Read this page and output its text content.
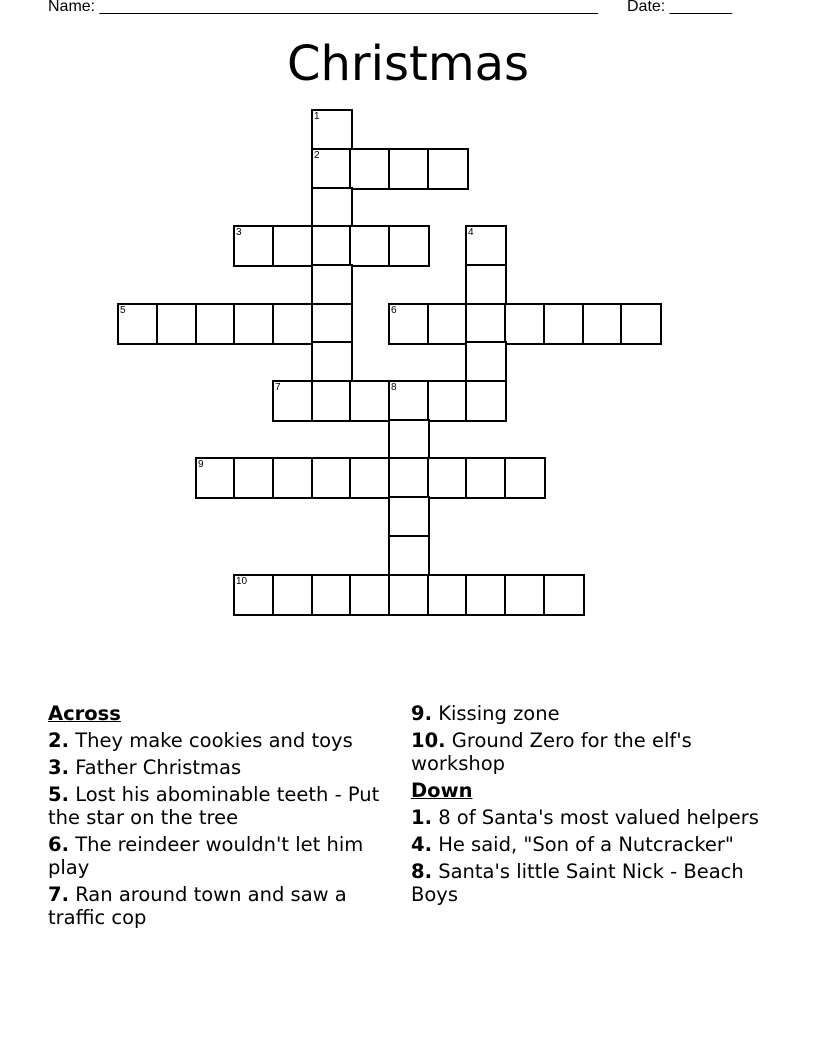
Name: ________________________________________________________ Date: _______
Christmas
1
2
3	4
5	6
7	8
9
10
Across
2. They make cookies and toys
3. Father Christmas
5. Lost his abominable teeth - Put the star on the tree
6. The reindeer wouldn't let him play
7. Ran around town and saw a traffic cop
9. Kissing zone
10. Ground Zero for the elf's workshop
Down
1. 8 of Santa's most valued helpers
4. He said, "Son of a Nutcracker"
8. Santa's little Saint Nick - Beach Boys
